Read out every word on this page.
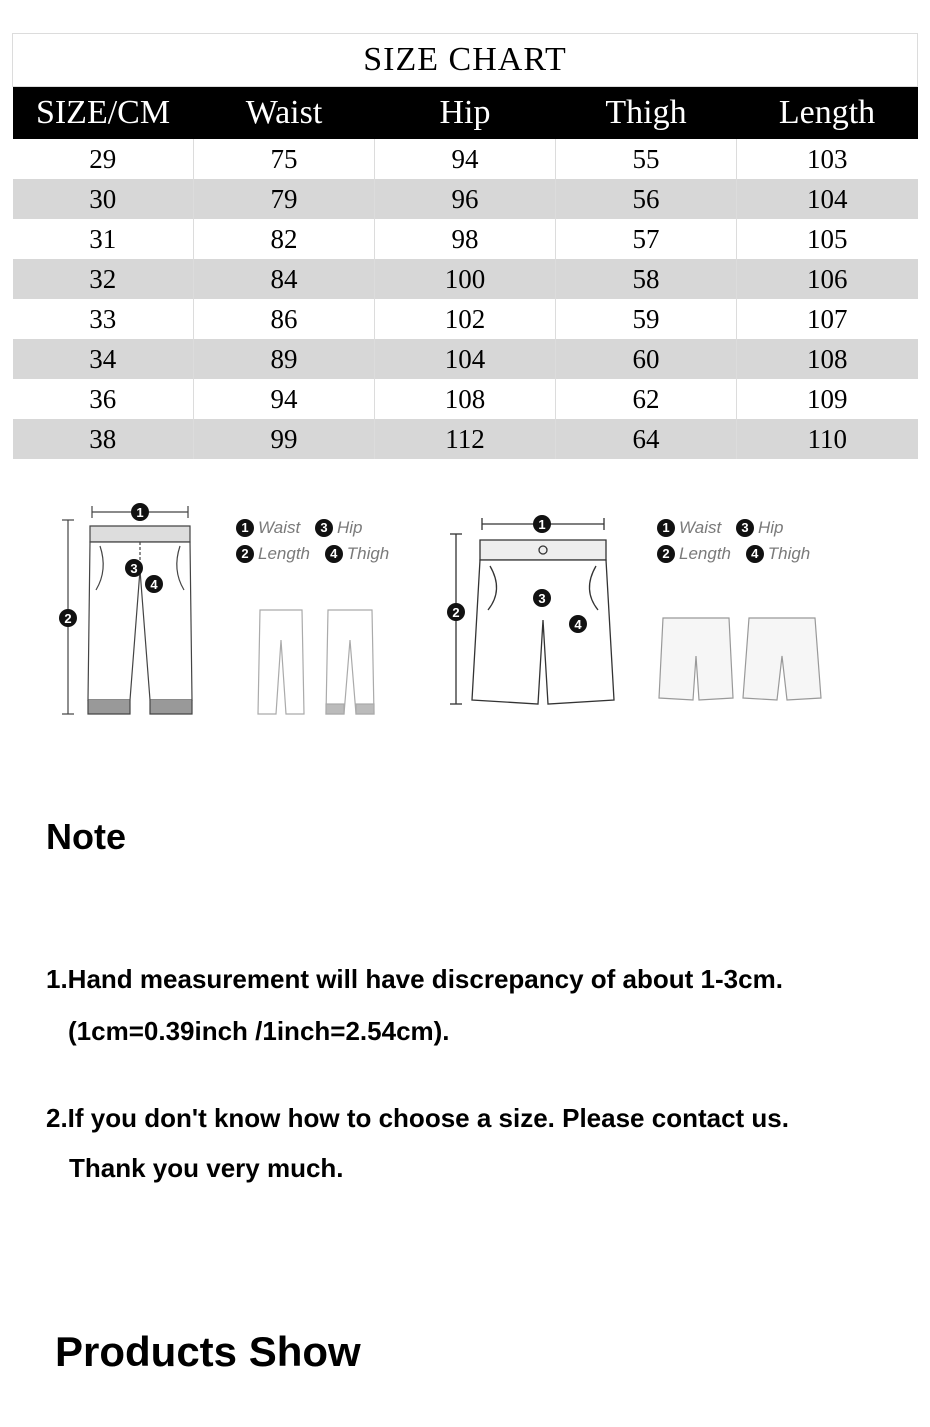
SIZE CHART				
SIZE/CM	Waist	Hip	Thigh	Length
29	75	94	55	103
30	79	96	56	104
31	82	98	57	105
32	84	100	58	106
33	86	102	59	107
34	89	104	60	108
36	94	108	62	109
38	99	112	64	110
1
2
3
4
1 Waist 3 Hip
2 Length 4 Thigh
1
2
3
4
1 Waist 3 Hip
2 Length 4 Thigh
Note
1.Hand measurement will have discrepancy of about 1-3cm.
(1cm=0.39inch /1inch=2.54cm).
2.If you don't know how to choose a size. Please contact us.
Thank you very much.
Products Show
